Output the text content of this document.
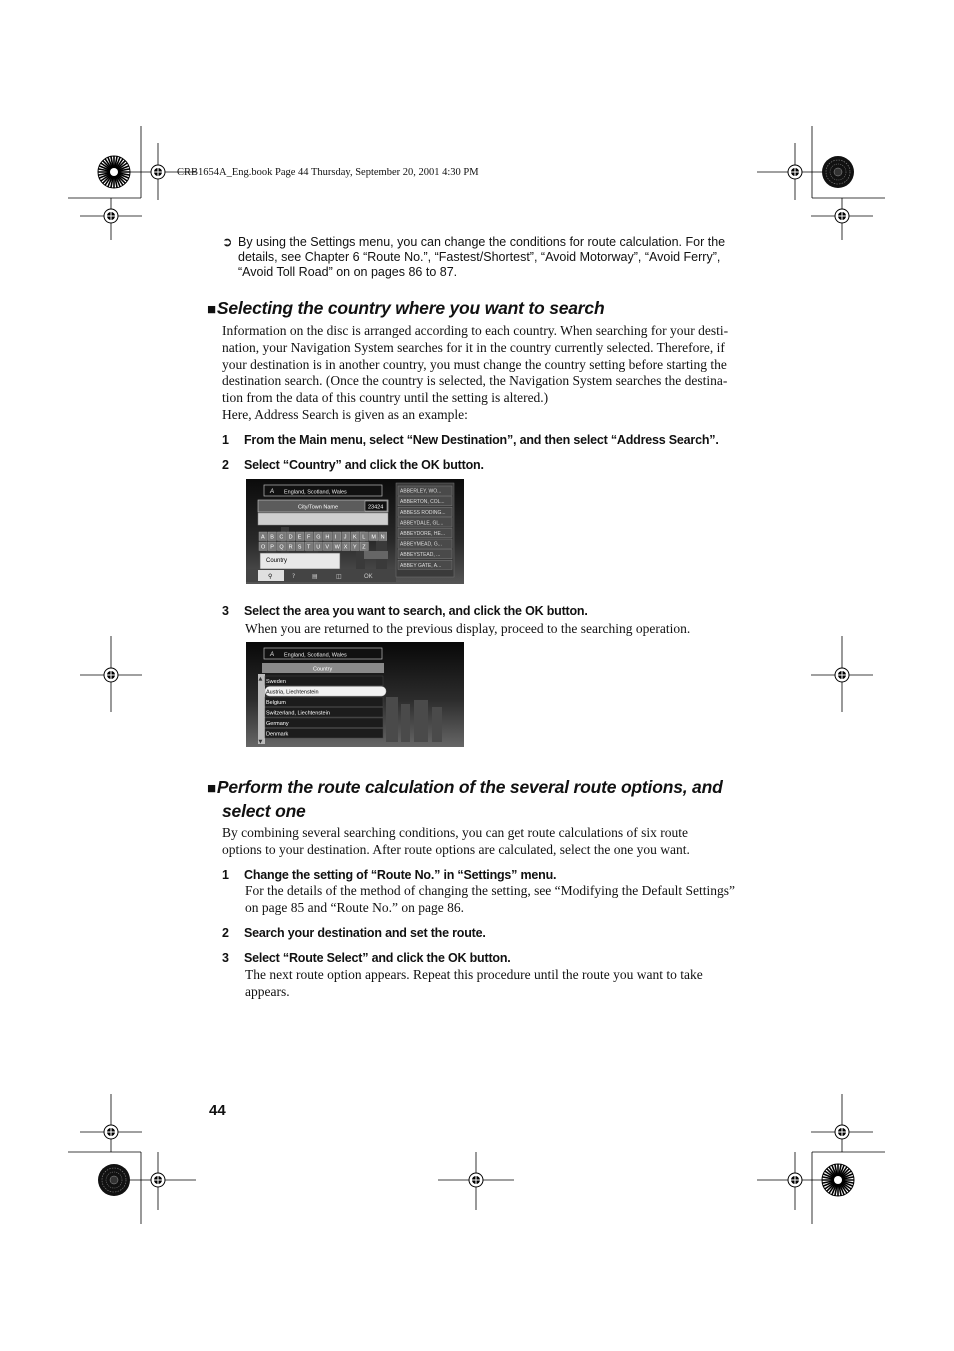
CRB1654A_Eng.book Page 44 Thursday, September 20, 2001 4:30 PM
➲ By using the Settings menu, you can change the conditions for route calculation. For the
details, see Chapter 6 “Route No.”, “Fastest/Shortest”, “Avoid Motorway”, “Avoid Ferry”,
“Avoid Toll Road” on on pages 86 to 87.
■Selecting the country where you want to search
Information on the disc is arranged according to each country. When searching for your desti-
nation, your Navigation System searches for it in the country currently selected. Therefore, if
your destination is in another country, you must change the country setting before starting the
destination search. (Once the country is selected, the Navigation System searches the destina-
tion from the data of this country until the setting is altered.)
Here, Address Search is given as an example:
1 From the Main menu, select “New Destination”, and then select “Address Search”.
2 Select “Country” and click the OK button.
A England, Scotland, Wales
City/Town Name	23424
A B C D E F G H I J K L M N
O P Q R S T U V W X Y Z
Country
⚲	?	▤	◫	OK
ABBERLEY, WO...
ABBERTON, COL...
ABBESS RODING...
ABBEYDALE, GL...
ABBEYDORE, HE...
ABBEYMEAD, G...
ABBEYSTEAD, ...
ABBEY GATE, A...
3 Select the area you want to search, and click the OK button.
When you are returned to the previous display, proceed to the searching operation.
A England, Scotland, Wales
Country
▲
▼
Sweden
Austria, Liechtenstein
Belgium
Switzerland, Liechtenstein
Germany
Denmark
■Perform the route calculation of the several route options, and
select one
By combining several searching conditions, you can get route calculations of six route
options to your destination. After route options are calculated, select the one you want.
1 Change the setting of “Route No.” in “Settings” menu.
For the details of the method of changing the setting, see “Modifying the Default Settings”
on page 85 and “Route No.” on page 86.
2 Search your destination and set the route.
3 Select “Route Select” and click the OK button.
The next route option appears. Repeat this procedure until the route you want to take
appears.
44
